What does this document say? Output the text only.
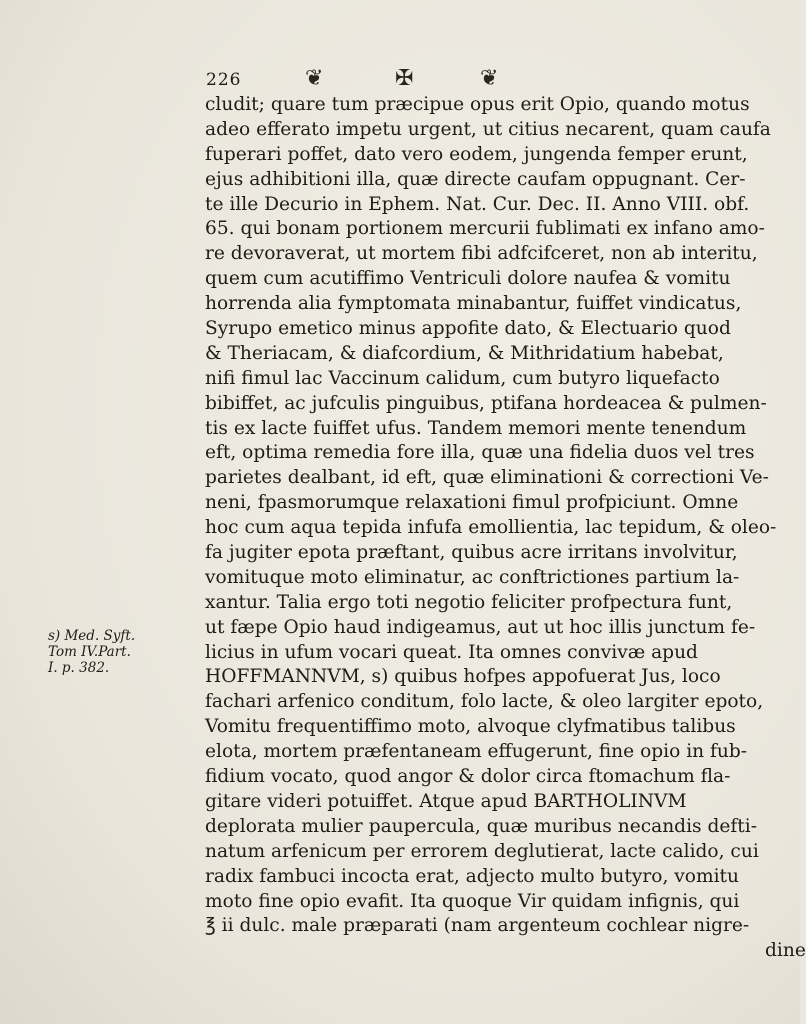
226	❦	✠	❦
cludit; quare tum præcipue opus erit Opio, quando motus
adeo efferato impetu urgent, ut citius necarent, quam caufa
fuperari poffet, dato vero eodem, jungenda femper erunt,
ejus adhibitioni illa, quæ directe caufam oppugnant. Cer-
te ille Decurio in Ephem. Nat. Cur. Dec. II. Anno VIII. obf.
65. qui bonam portionem mercurii fublimati ex infano amo-
re devoraverat, ut mortem fibi adfcifceret, non ab interitu,
quem cum acutiffimo Ventriculi dolore naufea & vomitu
horrenda alia fymptomata minabantur, fuiffet vindicatus,
Syrupo emetico minus appofite dato, & Electuario quod
& Theriacam, & diafcordium, & Mithridatium habebat,
nifi fimul lac Vaccinum calidum, cum butyro liquefacto
bibiffet, ac jufculis pinguibus, ptifana hordeacea & pulmen-
tis ex lacte fuiffet ufus. Tandem memori mente tenendum
eft, optima remedia fore illa, quæ una fidelia duos vel tres
parietes dealbant, id eft, quæ eliminationi & correctioni Ve-
neni, fpasmorumque relaxationi fimul profpiciunt. Omne
hoc cum aqua tepida infufa emollientia, lac tepidum, & oleo-
fa jugiter epota præftant, quibus acre irritans involvitur,
vomituque moto eliminatur, ac conftrictiones partium la-
xantur. Talia ergo toti negotio feliciter profpectura funt,
ut fæpe Opio haud indigeamus, aut ut hoc illis junctum fe-
licius in ufum vocari queat. Ita omnes convivæ apud
HOFFMANNVM, s) quibus hofpes appofuerat Jus, loco
fachari arfenico conditum, folo lacte, & oleo largiter epoto,
Vomitu frequentiffimo moto, alvoque clyfmatibus talibus
elota, mortem præfentaneam effugerunt, fine opio in fub-
fidium vocato, quod angor & dolor circa ftomachum fla-
gitare videri potuiffet. Atque apud BARTHOLINVM
deplorata mulier paupercula, quæ muribus necandis defti-
natum arfenicum per errorem deglutierat, lacte calido, cui
radix fambuci incocta erat, adjecto multo butyro, vomitu
moto fine opio evafit. Ita quoque Vir quidam infignis, qui
℥ ii dulc. male præparati (nam argenteum cochlear nigre-
dine
s) Med. Syft.
Tom IV.Part.
I. p. 382.
